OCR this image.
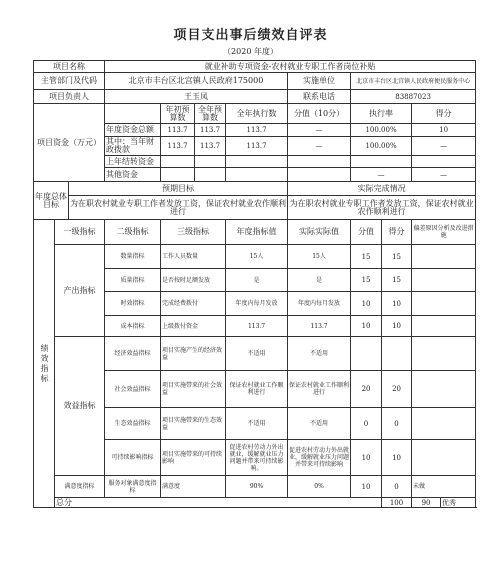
项目支出事后绩效自评表
（2020 年度）
项目名称			就业补助专项资金-农村就业专职工作者岗位补贴								
主管部门及代码			北京市丰台区北宫镇人民政府175000				实施单位	北京市丰台区北宫镇人民政府便民服务中心			
项目负责人			王玉凤				联系电话	83887023			
项目资金（万元）				年初预算数	全年预算数	全年执行数	分值（10分）	执行率		得分	
			年度资金总额	113.7	113.7	113.7	—	100.00%		10	
			其中：当年财政拨款	113.7	113.7	113.7	—	100.00%		—	
			上年结转资金								
			其他资金					—		—	
年度总体目标		预期目标					实际完成情况				
		为在职农村就业专职工作者发放工资，保证农村就业农作顺利进行					为在职农村就业专职工作者发放工资，保证农村就业农作顺利进行				

绩效指标	一级指标		二级指标	三级指标		年度指标值	实际实际值	分值	得分	偏差原因分析及改进措施	
	产出指标		数量指标	工作人员数量		15人	15人	15	15		
			质量指标	是否按时足额发放		是	是	15	15		
			时效指标	完成经费拨付		年度内每月发放	年度内每月发放	10	10		
			成本指标	上级拨付资金		113.7	113.7	10	10		
	效益指标		经济效益指标	项目实施产生的经济效益		不适用	不适用				
			社会效益指标	项目实施带来的社会效益		保证农村就业工作顺利进行	保证农村就业工作顺利进行	20	20		
			生态效益指标	项目实施带来的生态效益		不适用	不适用	0	0		
			可持续影响指标	项目实施带来的可持续影响		促进农村劳动力外出就业，缓解就业压力问题并带来可持续影响。	促进农村劳动力外出就业，缓解就业压力问题并带来可持续影响	10	10		
	满意度指标		服务对象满意度指标	满意度		90%	0%	10	0	未做	
	总分								100	90	优秀
